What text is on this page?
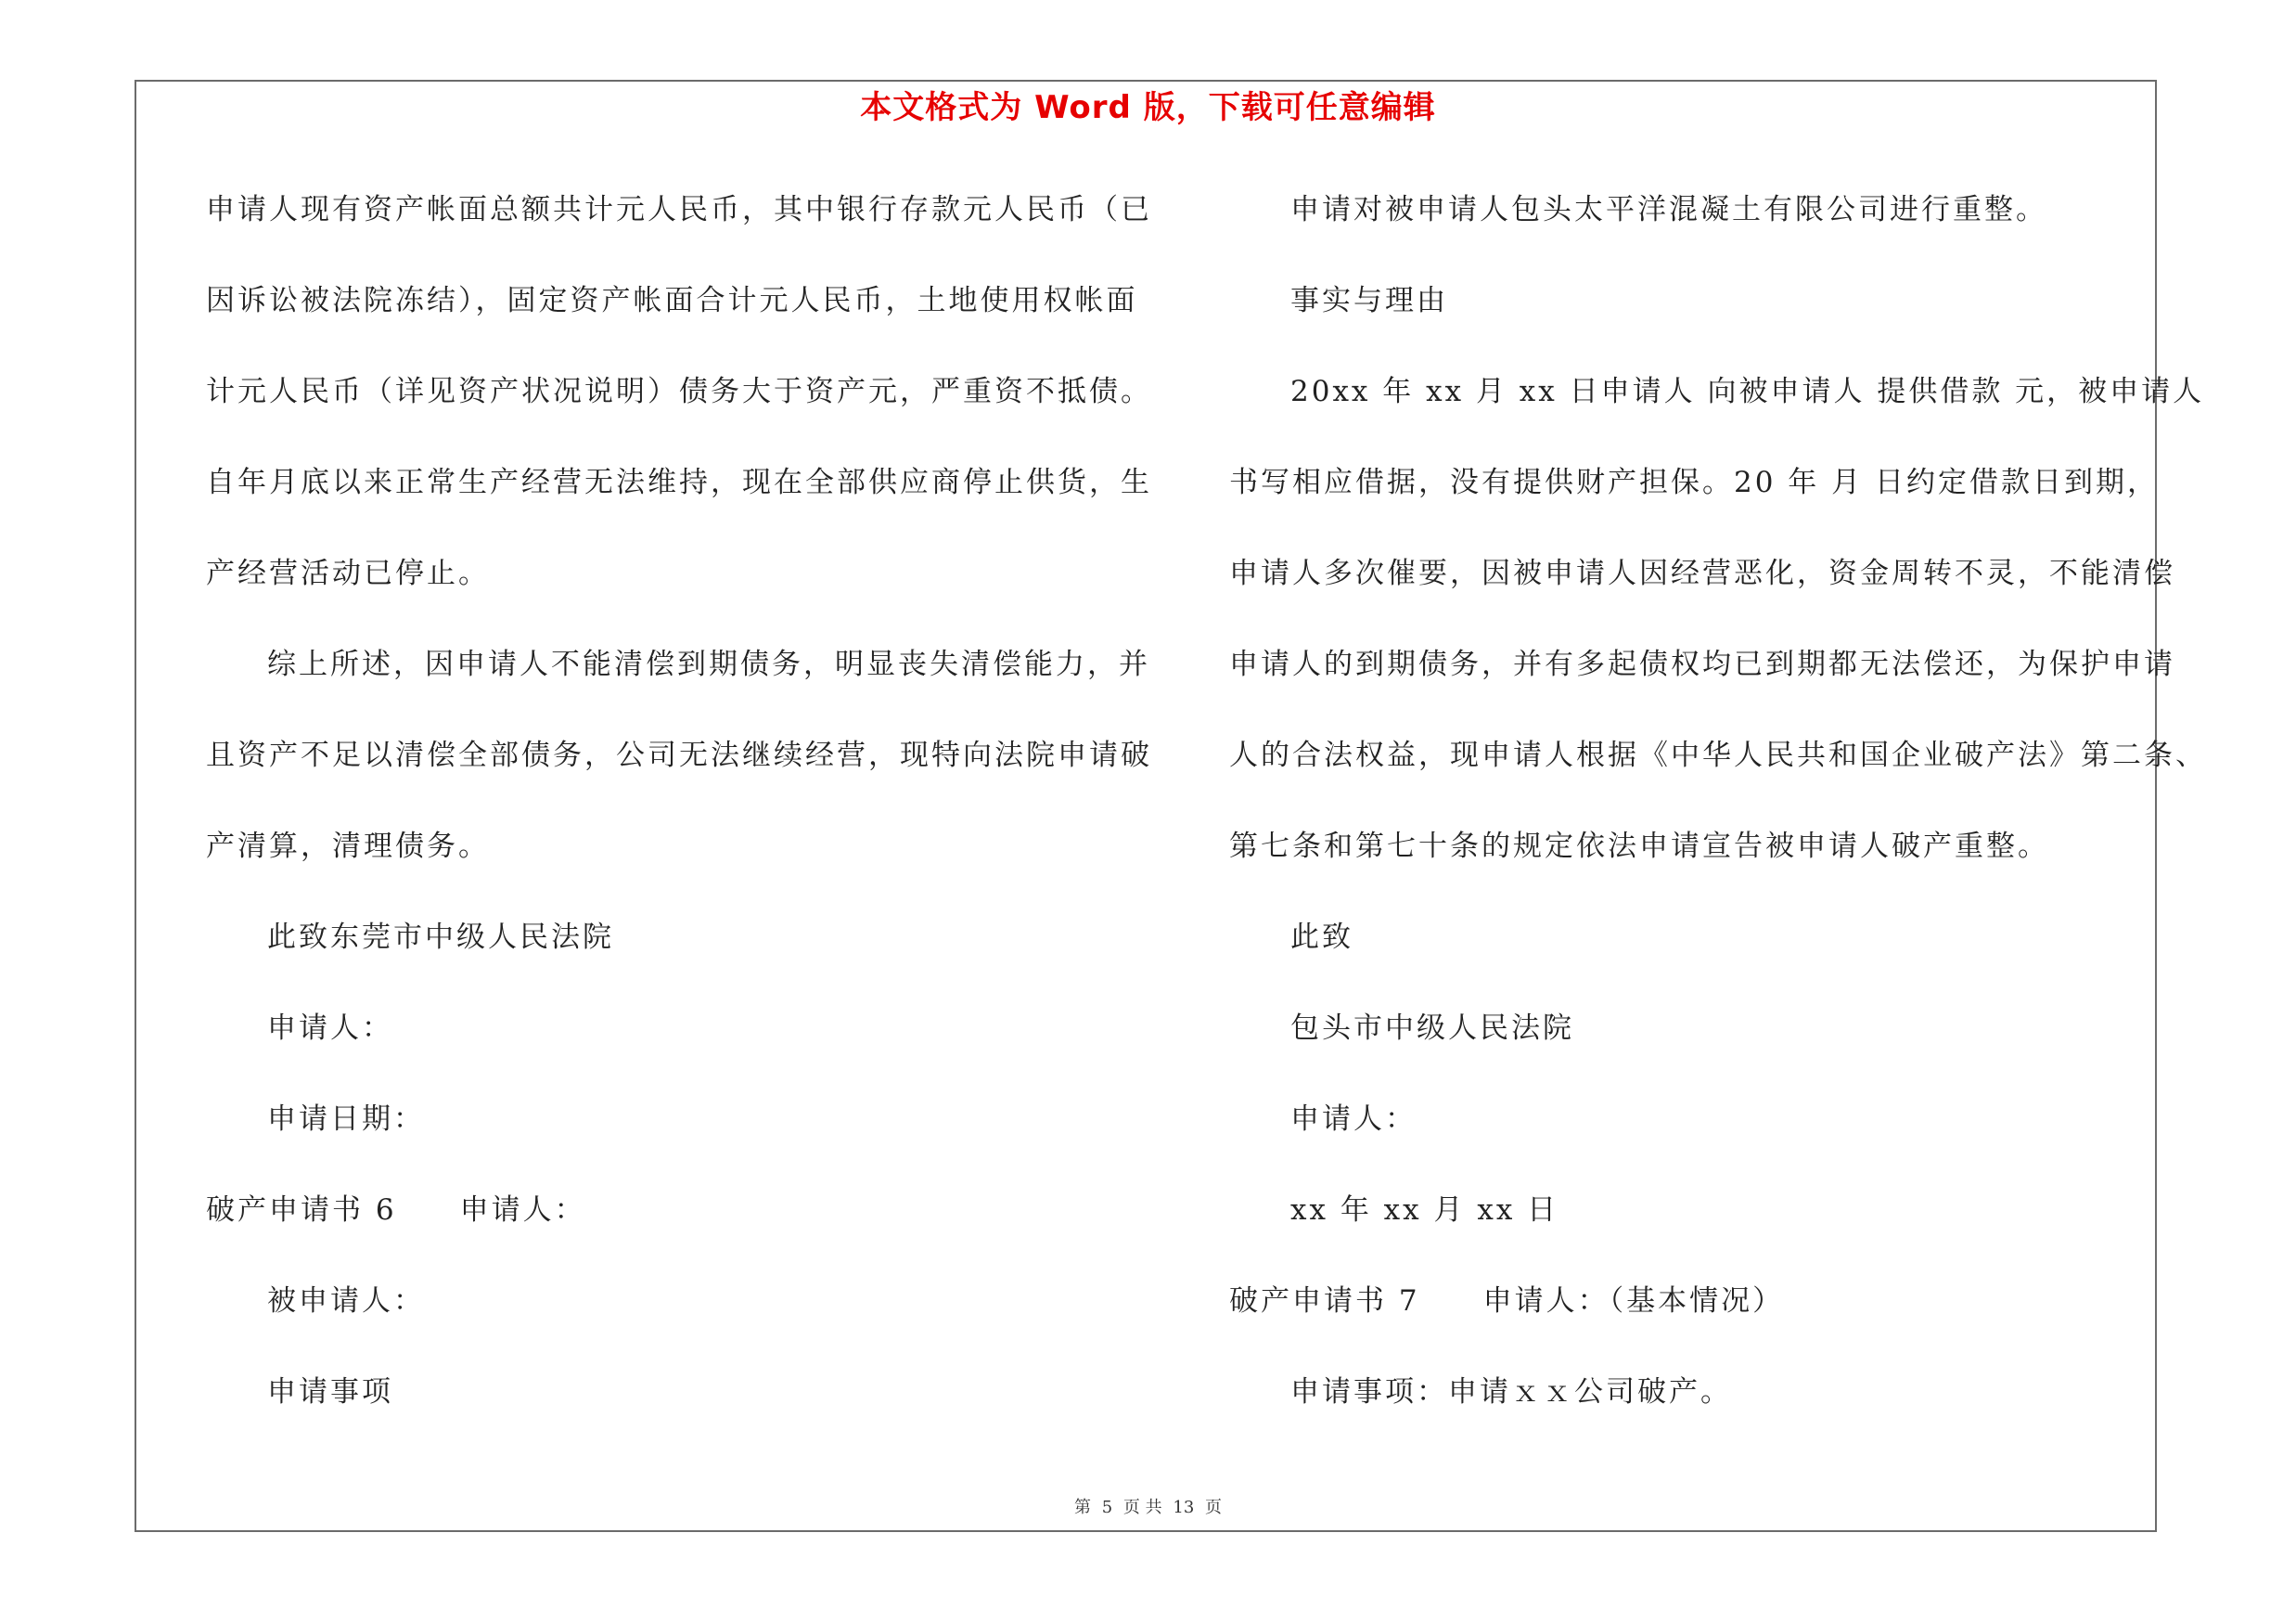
本文格式为 Word 版，下载可任意编辑
申请人现有资产帐面总额共计元人民币，其中银行存款元人民币（已
因诉讼被法院冻结），固定资产帐面合计元人民币，土地使用权帐面
计元人民币（详见资产状况说明）债务大于资产元，严重资不抵债。
自年月底以来正常生产经营无法维持，现在全部供应商停止供货，生
产经营活动已停止。
综上所述，因申请人不能清偿到期债务，明显丧失清偿能力，并
且资产不足以清偿全部债务，公司无法继续经营，现特向法院申请破
产清算，清理债务。
此致东莞市中级人民法院
申请人：
申请日期：
破产申请书 6　　申请人：
被申请人：
申请事项
申请对被申请人包头太平洋混凝土有限公司进行重整。
事实与理由
20xx 年 xx 月 xx 日申请人 向被申请人 提供借款 元，被申请人
书写相应借据，没有提供财产担保。20 年 月 日约定借款日到期，
申请人多次催要，因被申请人因经营恶化，资金周转不灵，不能清偿
申请人的到期债务，并有多起债权均已到期都无法偿还，为保护申请
人的合法权益，现申请人根据《中华人民共和国企业破产法》第二条、
第七条和第七十条的规定依法申请宣告被申请人破产重整。
此致
包头市中级人民法院
申请人：
xx 年 xx 月 xx 日
破产申请书 7　　申请人：（基本情况）
申请事项：申请ｘｘ公司破产。
第 5 页 共 13 页
